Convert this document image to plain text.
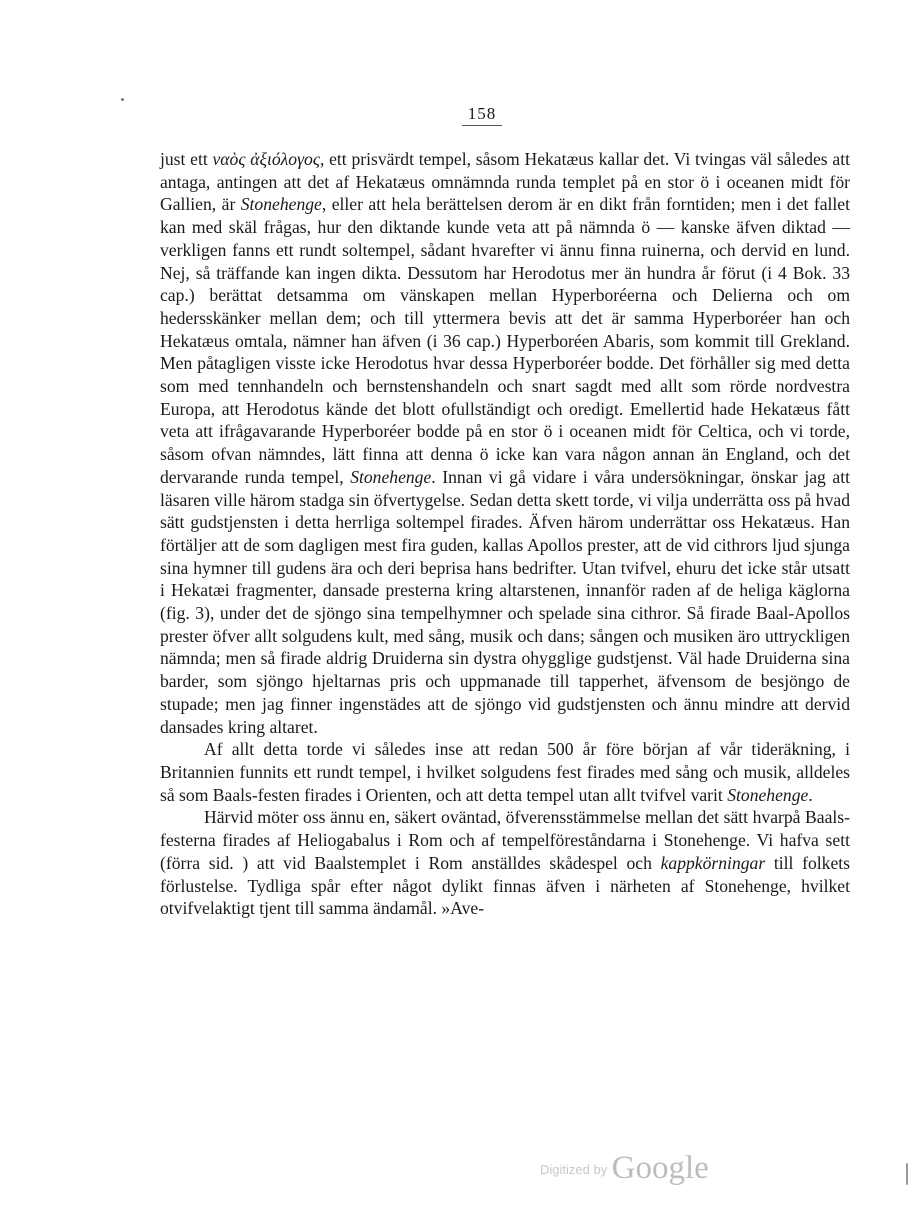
158

just ett ναὸς ἀξιόλογος, ett prisvärdt tempel, såsom Hekatæus kallar det. Vi tvingas väl således att antaga, antingen att det af Hekatæus omnämnda runda templet på en stor ö i oceanen midt för Gallien, är Stonehenge, eller att hela berättelsen derom är en dikt från forntiden; men i det fallet kan med skäl frågas, hur den diktande kunde veta att på nämnda ö — kanske äfven diktad — verkligen fanns ett rundt soltempel, sådant hvarefter vi ännu finna ruinerna, och dervid en lund. Nej, så träffande kan ingen dikta. Dessutom har Herodotus mer än hundra år förut (i 4 Bok. 33 cap.) berättat detsamma om vänskapen mellan Hyperboréerna och Delierna och om hedersskänker mellan dem; och till yttermera bevis att det är samma Hyperboréer han och Hekatæus omtala, nämner han äfven (i 36 cap.) Hyperboréen Abaris, som kommit till Grekland. Men påtagligen visste icke Herodotus hvar dessa Hyperboréer bodde. Det förhåller sig med detta som med tennhandeln och bernstenshandeln och snart sagdt med allt som rörde nordvestra Europa, att Herodotus kände det blott ofullständigt och oredigt. Emellertid hade Hekatæus fått veta att ifrågavarande Hyperboréer bodde på en stor ö i oceanen midt för Celtica, och vi torde, såsom ofvan nämndes, lätt finna att denna ö icke kan vara någon annan än England, och det dervarande runda tempel, Stonehenge. Innan vi gå vidare i våra undersökningar, önskar jag att läsaren ville härom stadga sin öfvertygelse. Sedan detta skett torde, vi vilja underrätta oss på hvad sätt gudstjensten i detta herrliga soltempel firades. Äfven härom underrättar oss Hekatæus. Han förtäljer att de som dagligen mest fira guden, kallas Apollos prester, att de vid cithrors ljud sjunga sina hymner till gudens ära och deri beprisa hans bedrifter. Utan tvifvel, ehuru det icke står utsatt i Hekatæi fragmenter, dansade presterna kring altarstenen, innanför raden af de heliga käglorna (fig. 3), under det de sjöngo sina tempelhymner och spelade sina cithror. Så firade Baal-Apollos prester öfver allt solgudens kult, med sång, musik och dans; sången och musiken äro uttryckligen nämnda; men så firade aldrig Druiderna sin dystra ohygglige gudstjenst. Väl hade Druiderna sina barder, som sjöngo hjeltarnas pris och uppmanade till tapperhet, äfvensom de besjöngo de stupade; men jag finner ingenstädes att de sjöngo vid gudstjensten och ännu mindre att dervid dansades kring altaret.

Af allt detta torde vi således inse att redan 500 år före början af vår tideräkning, i Britannien funnits ett rundt tempel, i hvilket solgudens fest firades med sång och musik, alldeles så som Baals-festen firades i Orienten, och att detta tempel utan allt tvifvel varit Stonehenge.

Härvid möter oss ännu en, säkert oväntad, öfverensstämmelse mellan det sätt hvarpå Baals-festerna firades af Heliogabalus i Rom och af tempelföreståndarna i Stonehenge. Vi hafva sett (förra sid. ) att vid Baalstemplet i Rom anställdes skådespel och kappkörningar till folkets förlustelse. Tydliga spår efter något dylikt finnas äfven i närheten af Stonehenge, hvilket otvifvelaktigt tjent till samma ändamål. »Ave-

$^{Digitized by}$ Google
